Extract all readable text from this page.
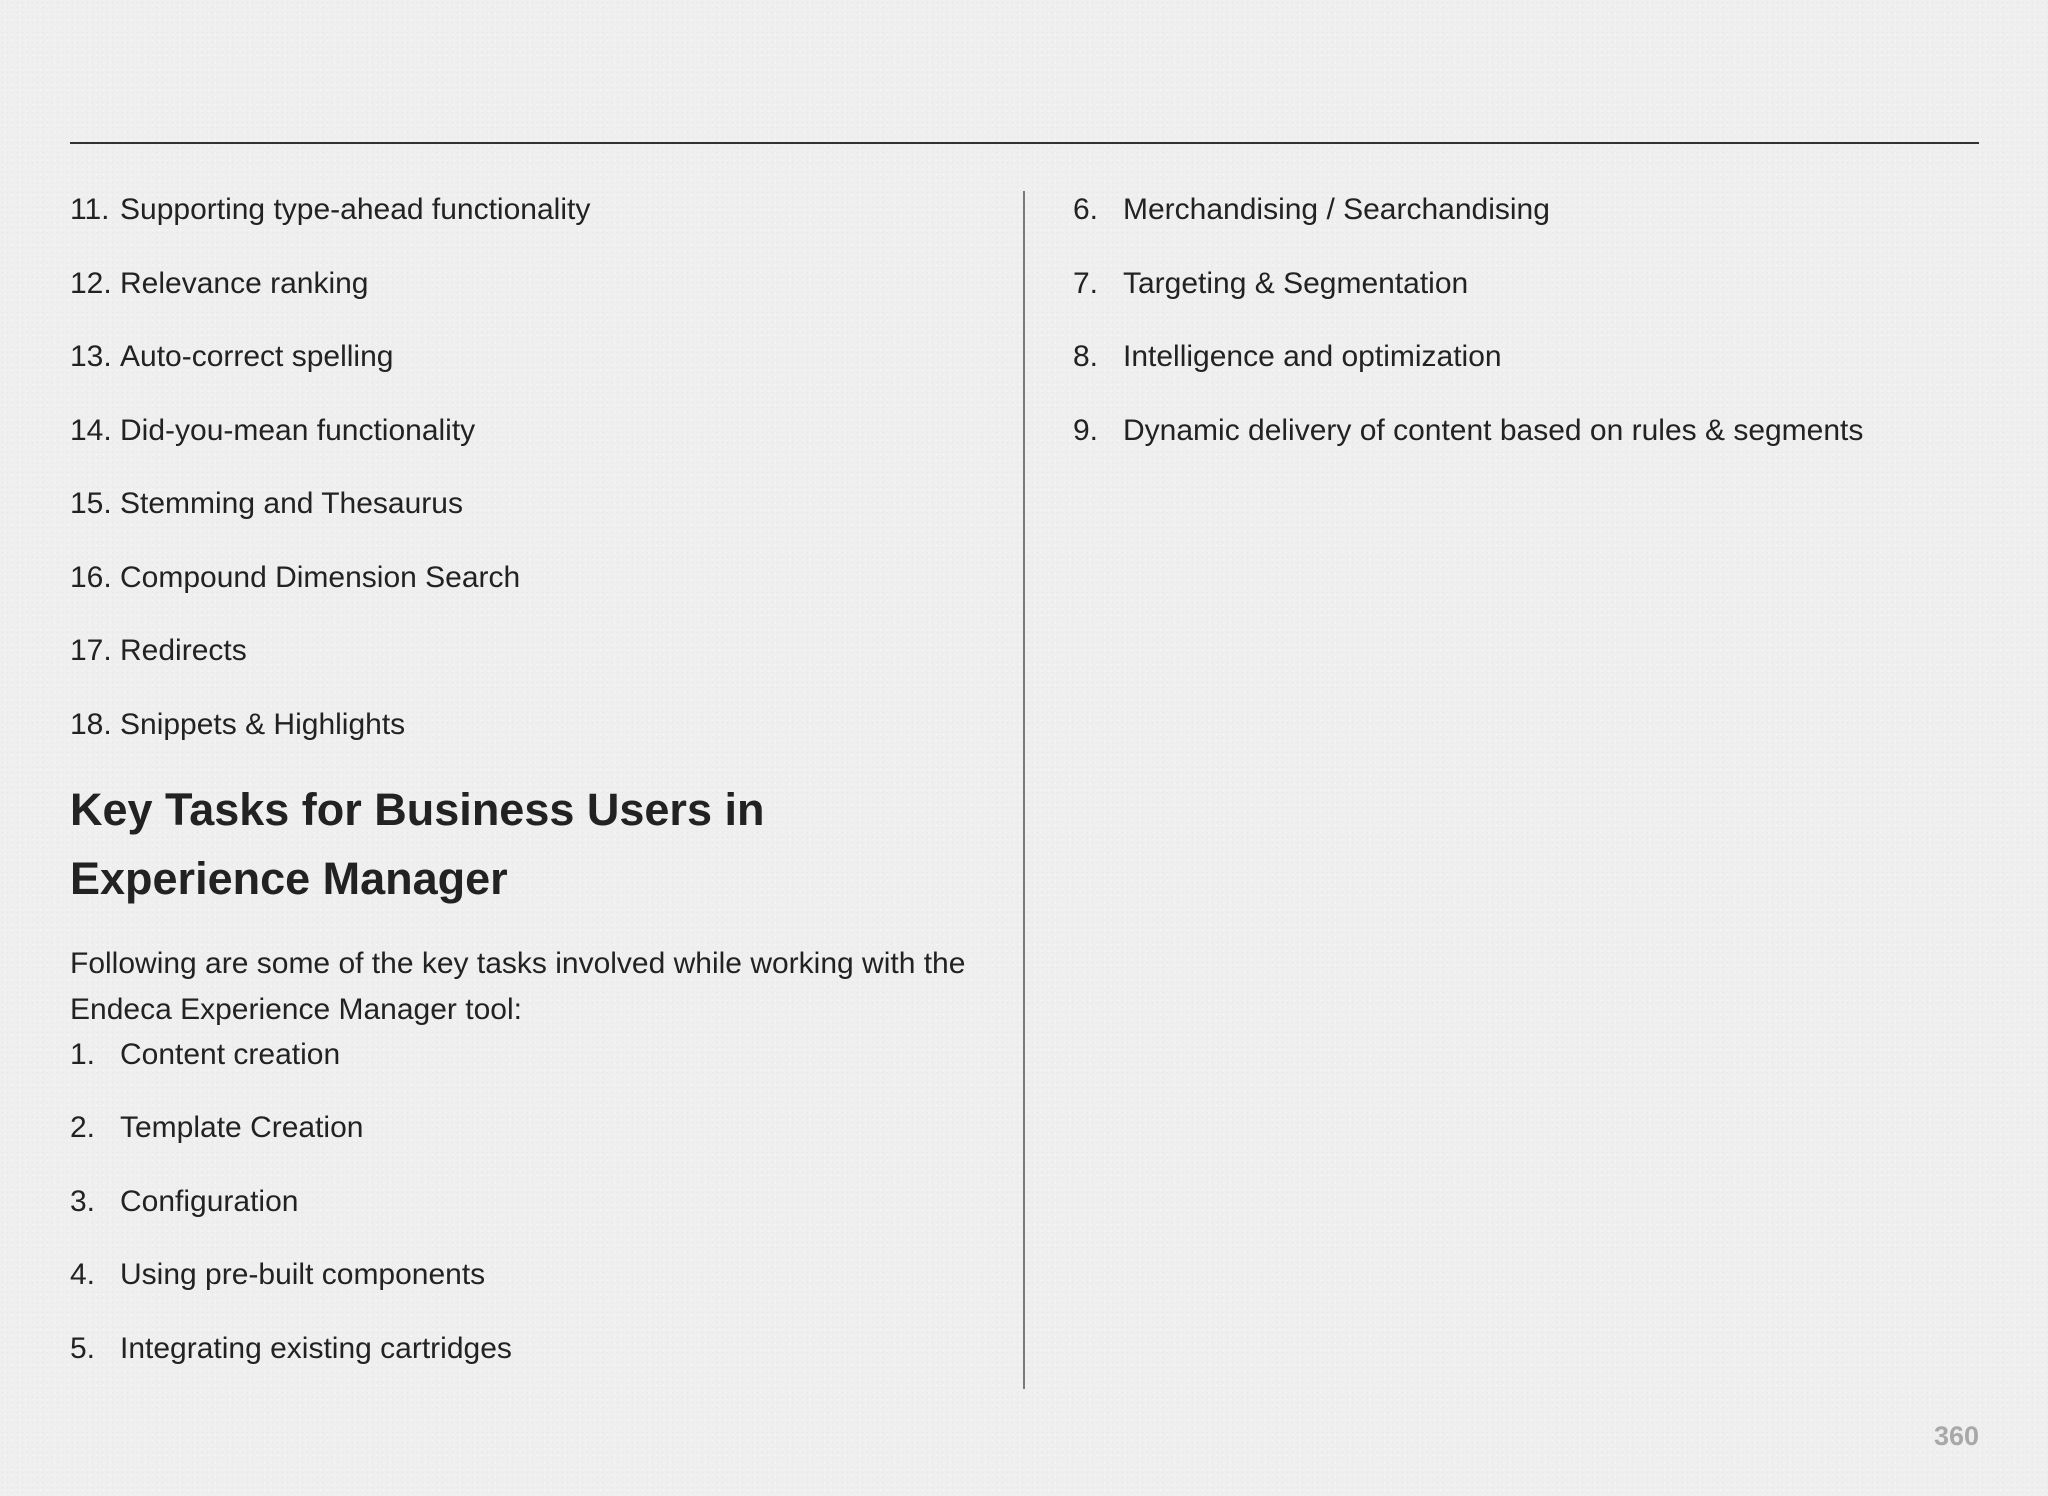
11. Supporting type-ahead functionality
12. Relevance ranking
13. Auto-correct spelling
14. Did-you-mean functionality
15. Stemming and Thesaurus
16. Compound Dimension Search
17. Redirects
18. Snippets & Highlights
Key Tasks for Business Users in Experience Manager

Following are some of the key tasks involved while working with the Endeca Experience Manager tool:

1. Content creation
2. Template Creation
3. Configuration
4. Using pre-built components
5. Integrating existing cartridges
6. Merchandising / Searchandising
7. Targeting & Segmentation
8. Intelligence and optimization
9. Dynamic delivery of content based on rules & segments
360
